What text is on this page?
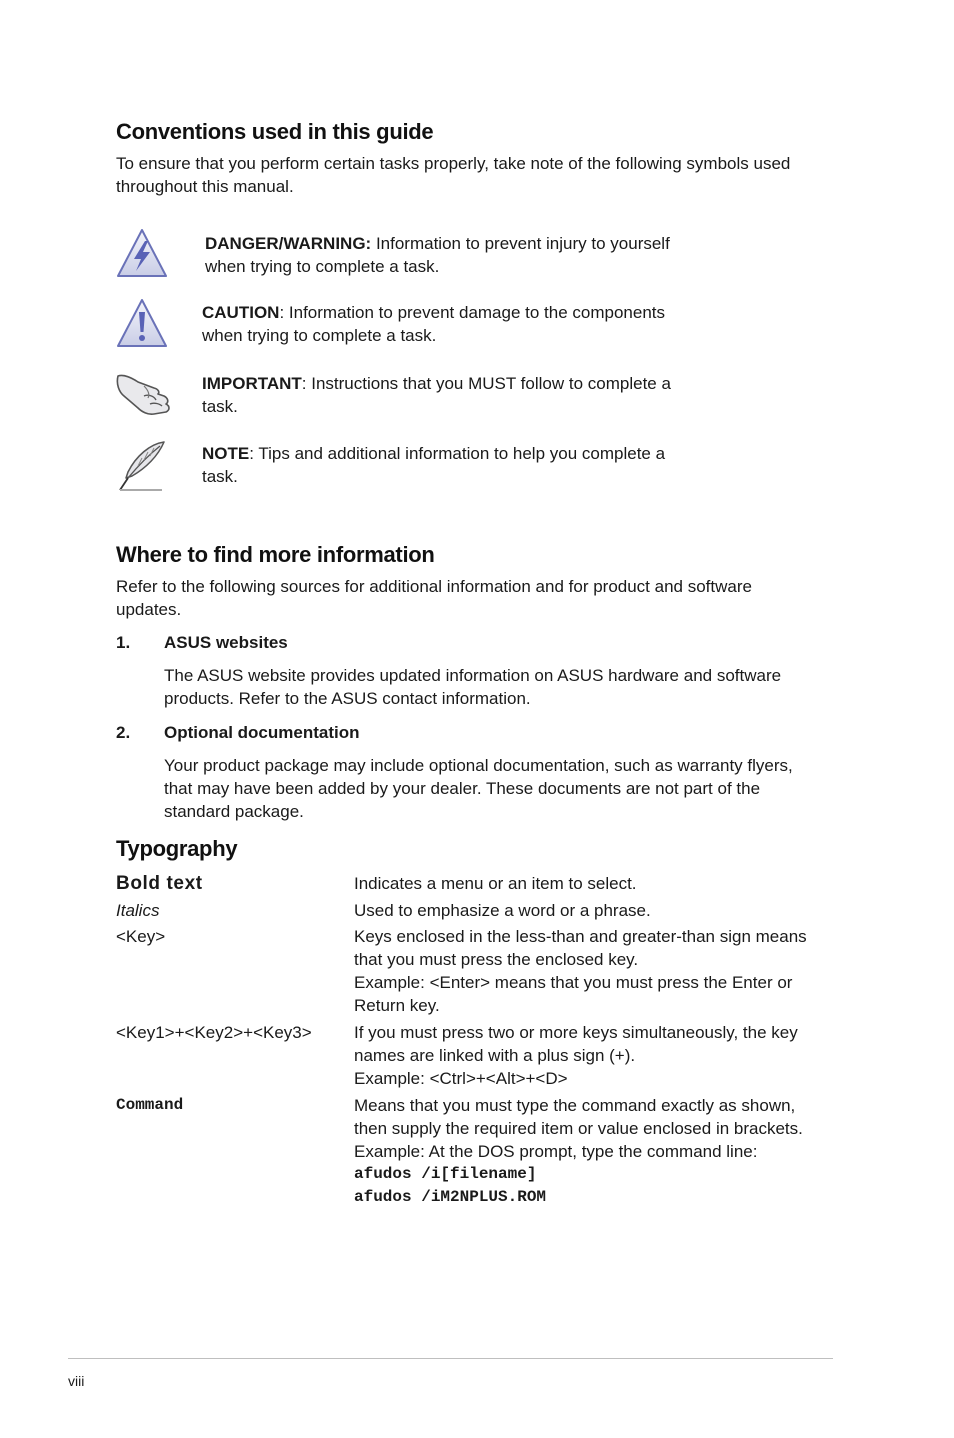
Conventions used in this guide

To ensure that you perform certain tasks properly, take note of the following symbols used throughout this manual.

DANGER/WARNING: Information to prevent injury to yourself when trying to complete a task.
CAUTION: Information to prevent damage to the components when trying to complete a task.
IMPORTANT: Instructions that you MUST follow to complete a task.
NOTE: Tips and additional information to help you complete a task.
Where to find more information

Refer to the following sources for additional information and for product and software updates.

1. ASUS websites

The ASUS website provides updated information on ASUS hardware and software products. Refer to the ASUS contact information.

2. Optional documentation

Your product package may include optional documentation, such as warranty flyers, that may have been added by your dealer. These documents are not part of the standard package.

Typography
Bold text	Indicates a menu or an item to select.
Italics	Used to emphasize a word or a phrase.
<Key>	Keys enclosed in the less-than and greater-than sign means that you must press the enclosed key.
Example: <Enter> means that you must press the Enter or Return key.
<Key1>+<Key2>+<Key3> If you must press two or more keys simultaneously, the key names are linked with a plus sign (+).
Example: <Ctrl>+<Alt>+<D>
Command	Means that you must type the command exactly as shown, then supply the required item or value enclosed in brackets.
Example: At the DOS prompt, type the command line:
afudos /i[filename]
afudos /iM2NPLUS.ROM
viii
